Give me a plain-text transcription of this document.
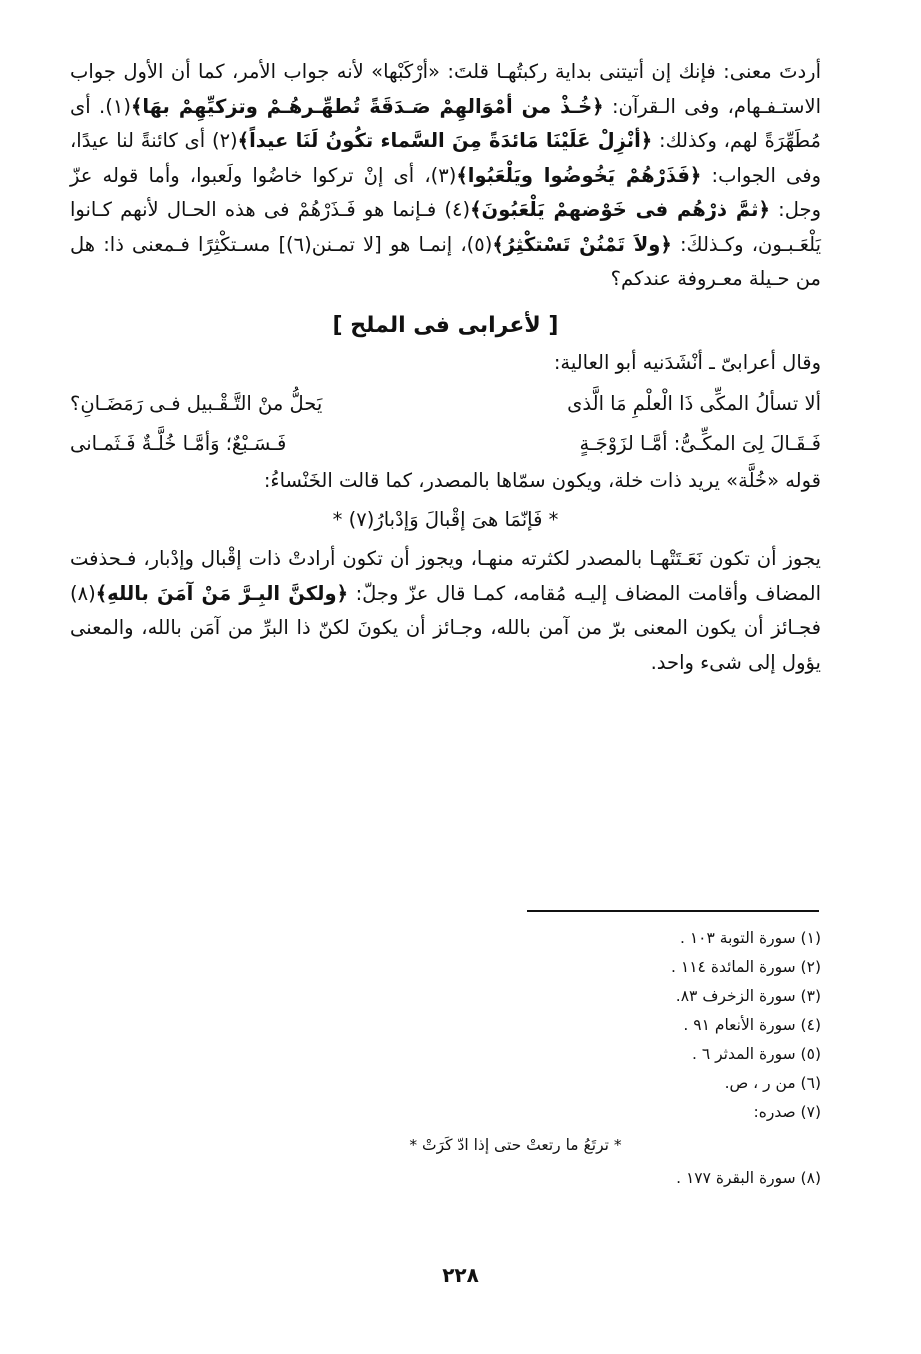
أردتَ معنى: فإنك إن أتيتنى بداية ركبتُهـا قلتَ: «أرْكَبْها» لأنه جواب الأمر، كما أن الأول جواب الاستـفـهام، وفى الـقرآن: ﴿خُـذْ من أمْوَالهِمْ صَـدَقَةً تُطهِّـرهُـمْ وتزكيِّهِمْ بهَا﴾(١). أى مُطَهِّرَةً لهم، وكذلك: ﴿أنْزِلْ عَلَيْنَا مَائدَةً مِنَ السَّماء تكُونُ لَنَا عيداً﴾(٢) أى كائنةً لنا عيدًا، وفى الجواب: ﴿فَذَرْهُمْ يَخُوضُوا ويَلْعَبُوا﴾(٣)، أى إنْ تركوا خاضُوا ولَعبوا، وأما قوله عزّ وجل: ﴿ثمَّ ذرْهُم فى خَوْضهمْ يَلْعَبُونَ﴾(٤) فـإنما هو فَـذَرْهُمْ فى هذه الحـال لأنهم كـانوا يَلْعَـبـون، وكـذلكَ: ﴿ولاَ تَمْنُنْ تَسْتكْثِرُ﴾(٥)، إنمـا هو [لا تمـنن(٦)] مسـتكْثِرًا فـمعنى ذا: هل من حـيلة معـروفة عندكم؟

[ لأعرابى فى الملح ]
وقال أعرابىّ ـ أنْشَدَنيه أبو العالية:
ألا تسألُ المكِّى ذَا الْعلْمِ مَا الَّذى
يَحلُّ منْ التَّـقْـبيل فـى رَمَضَـانِ؟
فَـقَـالَ لِىَ المكِّـىُّ: أمَّـا لزَوْجَـةٍ
فَـسَـبْعٌ؛ وَأمَّـا خُلَّـةٌ فَـثَمـانى

قوله «خُلَّة» يريد ذات خلة، ويكون سمّاها بالمصدر، كما قالت الخَنْساءُ:

* فَإنّمَا هىَ إقْبالَ وَإدْبارُ(٧) *

يجوز أن تكون نَعَـتَتْهـا بالمصدر لكثرته منهـا، ويجوز أن تكون أرادتْ ذات إقْبال وإدْبار، فـحذفت المضاف وأقامت المضاف إليـه مُقامه، كمـا قال عزّ وجلّ: ﴿ولكنَّ البِـرَّ مَنْ آمَنَ باللهِ﴾(٨) فجـائز أن يكون المعنى برّ من آمن بالله، وجـائز أن يكونَ لكنّ ذا البرِّ من آمَن بالله، والمعنى يؤول إلى شىء واحد.

(١) سورة التوبة ١٠٣ .
(٢) سورة المائدة ١١٤ .
(٣) سورة الزخرف ٨٣.
(٤) سورة الأنعام ٩١ .
(٥) سورة المدثر ٦ .
(٦) من ر ، ص.
(٧) صدره:
* ترتَعُ ما رتعتْ حتى إذا ادّ كَرَتْ *
(٨) سورة البقرة ١٧٧ .
٢٢٨
